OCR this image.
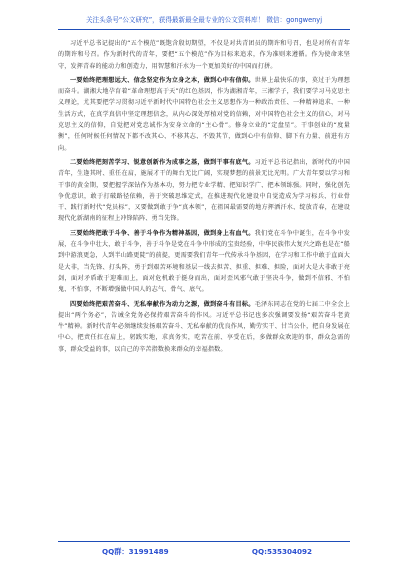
关注头条号“公文研究”，获得最新最全最专业的公文资料库！ 微信：gongwenyj

习近平总书记提出的“五个模范”既饱含殷切期望，不仅是对共青团员的期许和号召，也是对所有青年的期许和号召。作为新时代的青年，要把“五个模范”作为目标来追求，作为准则来遵循。作为使命来坚守，发挥青春的能动力和创造力，用智慧和汗水为一个更加美好的中国而打拼。

一要始终把理想远大、信念坚定作为立身之本，做到心中有信仰。世界上最快乐的事，莫过于为理想而奋斗。湖湘大地孕育着“革命理想高于天”的红色基因，作为湖湘青年，三湘学子，我们要学习马克思主义理论，尤其要把学习贯彻习近平新时代中国特色社会主义思想作为一种政治责任、一种精神追求、一种生活方式，在真学真信中坚定理想信念，从内心深处厚植对党的信赖，对中国特色社会主义的信心，对马克思主义的信仰，自觉把对党忠诚作为安身立命的“主心骨”。修身立业的“定盘星”。干事创业的“度量衡”，任何时候任何情况下都不改其心、不移其志、不毁其节，做到心中有信仰、脚下有力量、前进有方向。

二要始终把刻苦学习、锐意创新作为成事之基，做到干事有底气。习近平总书记指出，新时代的中国青年，生逢其时、重任在肩，施展才干的舞台无比广阔，实现梦想的前景无比光明。广大青年要以学习和干事的黄金期，要把握学深钻作为基本功，努力把专业学精、把知识学广、把本领练强。同时，强化创先争优意识，敢于打破路径依赖，善于突破思维定式，在推进现代化建设中自觉造成为学习标兵、行业骨干、践行新时代“党员标”，又要做到敢于争“真本领”，在祖国最需要的地方挥洒汗水、绽放青春，在建设现代化新湖南的征程上冲锋陷阵、勇当先锋。

三要始终把敢于斗争、善于斗争作为精神基因，做到身上有血气。我们党在斗争中诞生，在斗争中发展，在斗争中壮大，敢于斗争，善于斗争是党在斗争中形成的宝贵经验，中华民族伟大复兴之路也是在“船到中游浪更急，人到半山路更陡”的前提，更需要我们青年一代传承斗争基因，在学习和工作中敢于直面大是大非，当先锋、打头阵，勇于到艰苦环境和基层一线去担苦、担重、担难、担险，面对大是大非敢于亮剑，面对矛盾敢于迎难而上，面对危机敢于挺身而出，面对歪风邪气敢于坚决斗争，做到不信邪、不怕鬼、不怕事，不断增强做中国人的志气、骨气、底气。

四要始终把艰苦奋斗、无私奉献作为动力之源，做到奋斗有目标。毛泽东同志在党的七届二中全会上提出“两个务必”，告诫全党务必保持艰苦奋斗的作风。习近平总书记也多次强调要发扬“艰苦奋斗老黄牛”精神。新时代青年必须继续发扬艰苦奋斗、无私奉献的优良作风，勤劳实干、甘当公仆，把自身发展在中心，把责任扛在肩上，躬践实地，求真务实，吃苦在前、享受在后，多做群众欢迎的事，群众急需的事，群众受益的事，以自己的辛苦指数换来群众的幸福指数。

QQ群：31991489	QQ:535304092
